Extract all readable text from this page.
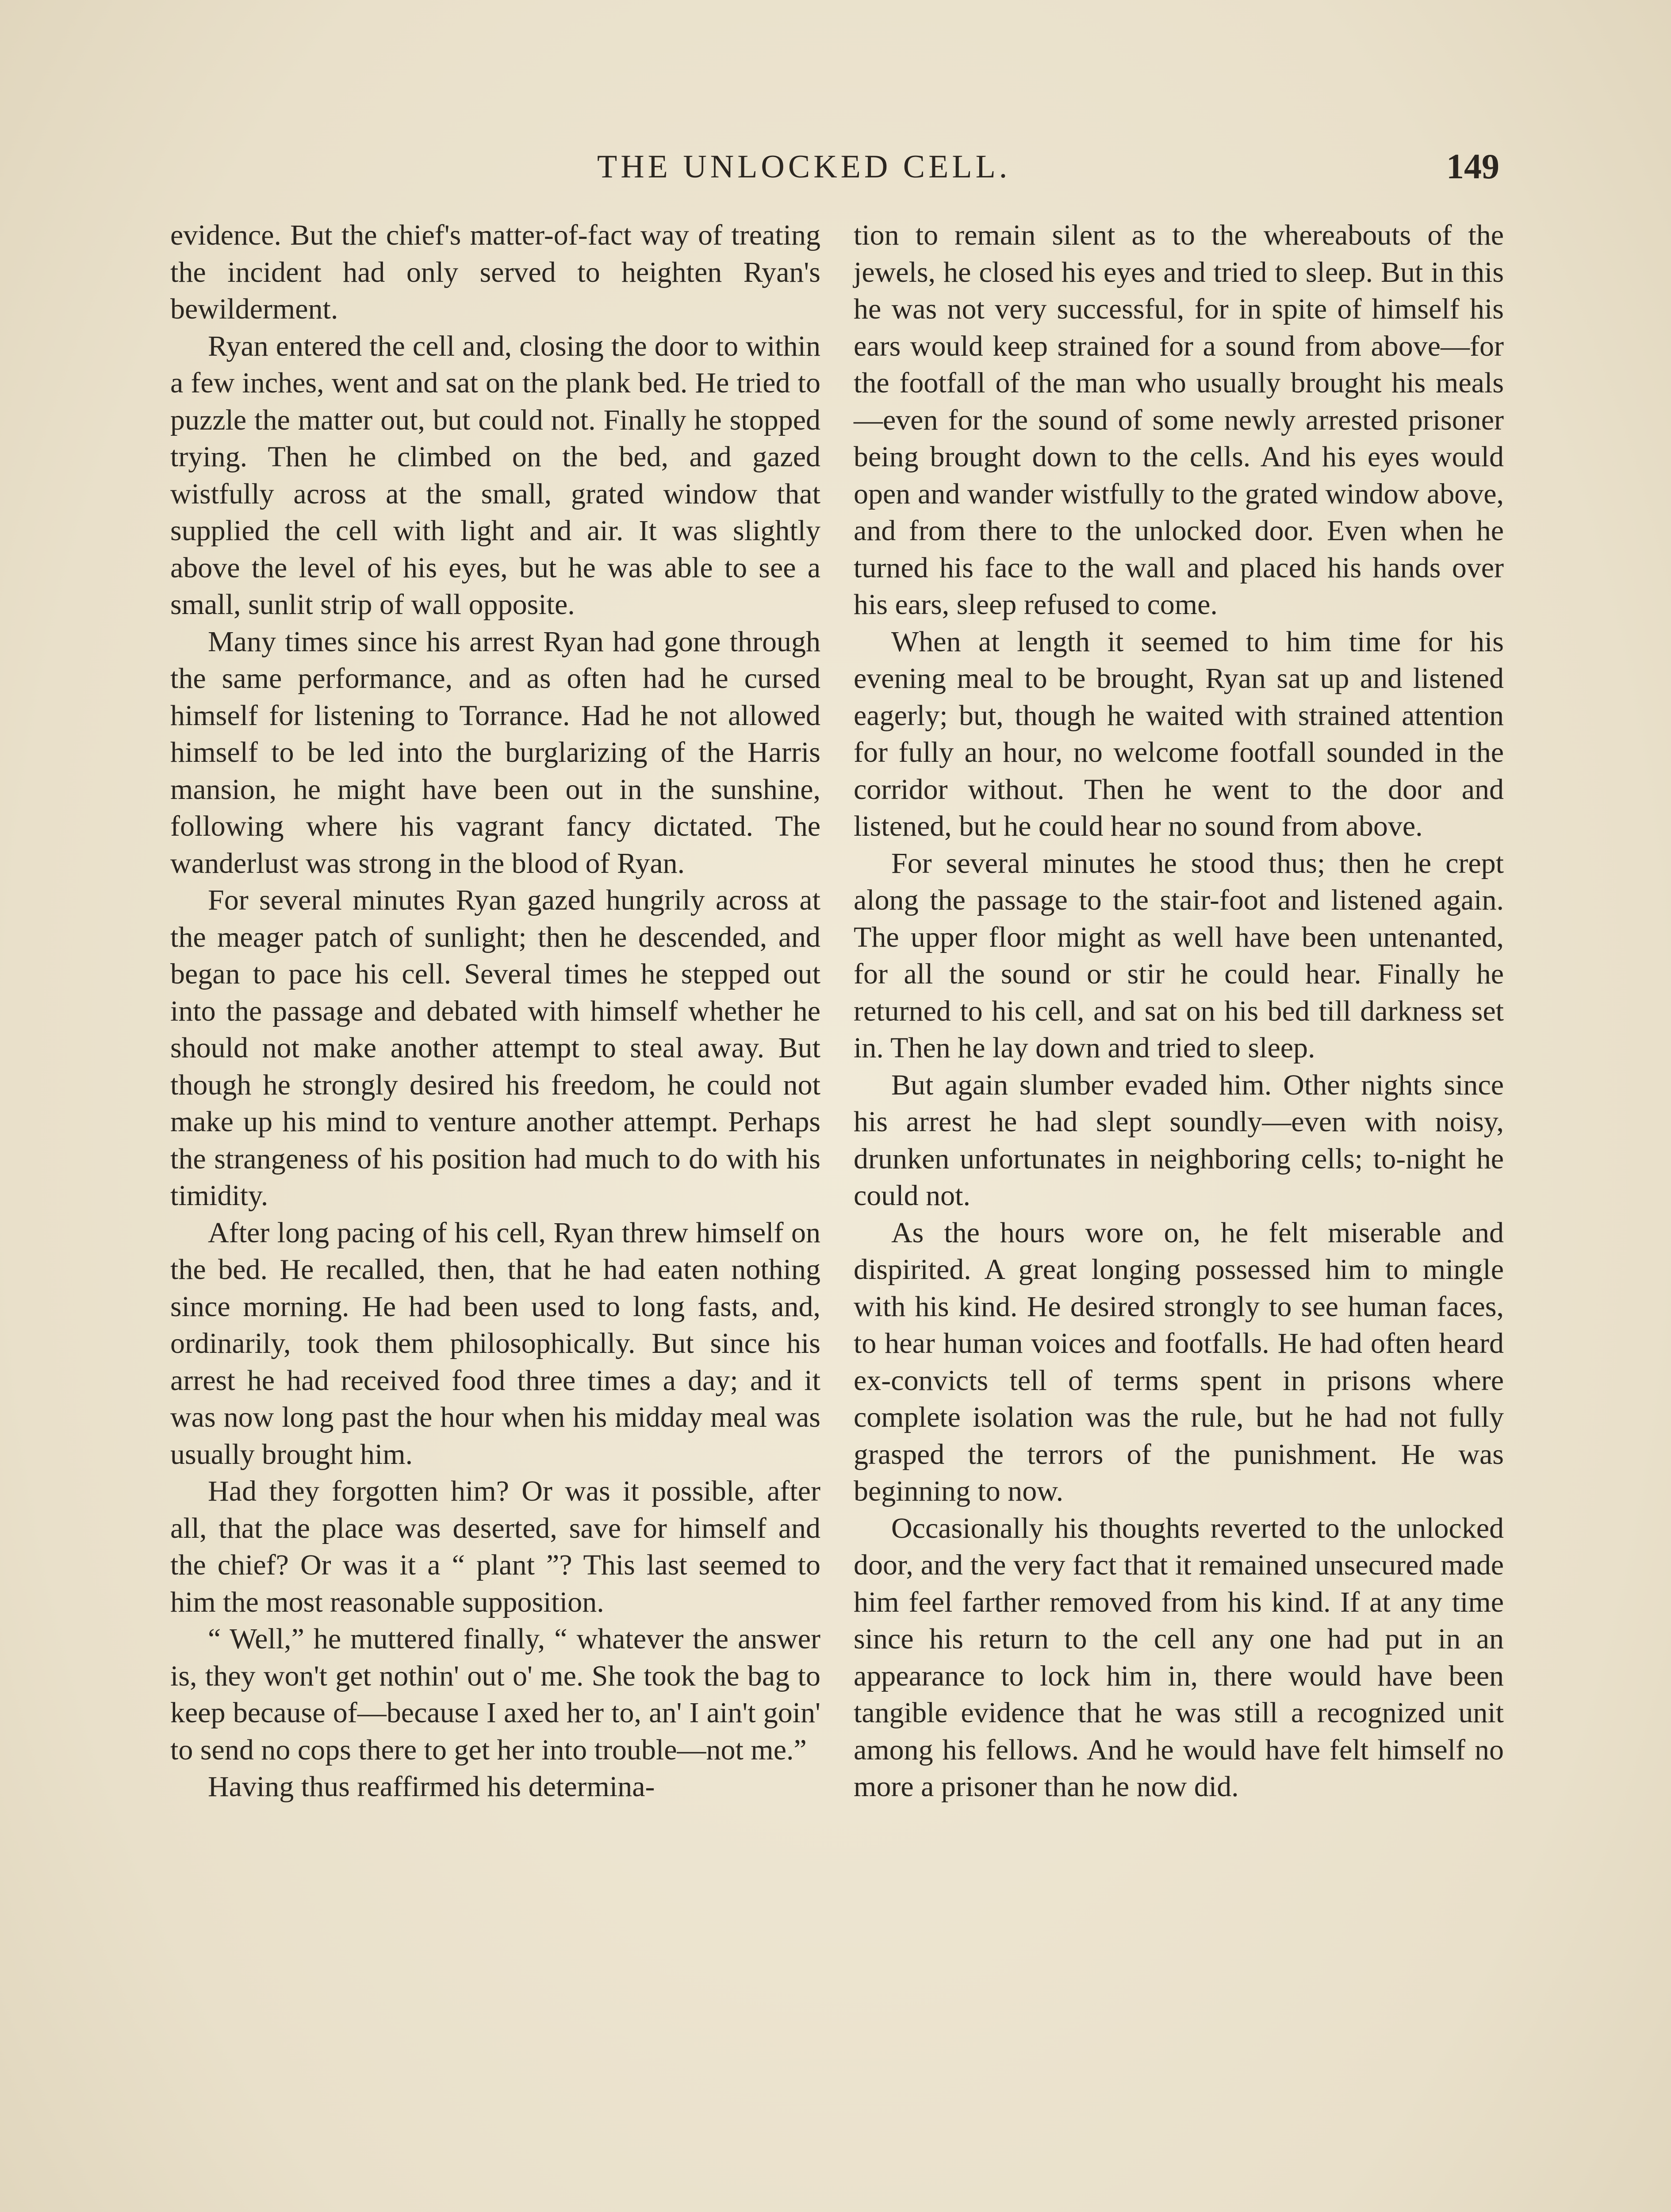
THE UNLOCKED CELL.	149

evidence. But the chief's matter-of-fact way of treating the incident had only served to heighten Ryan's bewilderment.

Ryan entered the cell and, closing the door to within a few inches, went and sat on the plank bed. He tried to puzzle the matter out, but could not. Finally he stopped trying. Then he climbed on the bed, and gazed wistfully across at the small, grated window that supplied the cell with light and air. It was slightly above the level of his eyes, but he was able to see a small, sunlit strip of wall opposite.

Many times since his arrest Ryan had gone through the same performance, and as often had he cursed himself for listening to Torrance. Had he not allowed himself to be led into the burglarizing of the Harris mansion, he might have been out in the sunshine, following where his vagrant fancy dictated. The wanderlust was strong in the blood of Ryan.

For several minutes Ryan gazed hungrily across at the meager patch of sunlight; then he descended, and began to pace his cell. Several times he stepped out into the passage and debated with himself whether he should not make another attempt to steal away. But though he strongly desired his freedom, he could not make up his mind to venture another attempt. Perhaps the strangeness of his position had much to do with his timidity.

After long pacing of his cell, Ryan threw himself on the bed. He recalled, then, that he had eaten nothing since morning. He had been used to long fasts, and, ordinarily, took them philosophically. But since his arrest he had received food three times a day; and it was now long past the hour when his midday meal was usually brought him.

Had they forgotten him? Or was it possible, after all, that the place was deserted, save for himself and the chief? Or was it a “ plant ”? This last seemed to him the most reasonable supposition.

“ Well,” he muttered finally, “ whatever the answer is, they won't get nothin' out o' me. She took the bag to keep because of—because I axed her to, an' I ain't goin' to send no cops there to get her into trouble—not me.”

Having thus reaffirmed his determina-

tion to remain silent as to the whereabouts of the jewels, he closed his eyes and tried to sleep. But in this he was not very successful, for in spite of himself his ears would keep strained for a sound from above—for the footfall of the man who usually brought his meals —even for the sound of some newly arrested prisoner being brought down to the cells. And his eyes would open and wander wistfully to the grated window above, and from there to the unlocked door. Even when he turned his face to the wall and placed his hands over his ears, sleep refused to come.

When at length it seemed to him time for his evening meal to be brought, Ryan sat up and listened eagerly; but, though he waited with strained attention for fully an hour, no welcome footfall sounded in the corridor without. Then he went to the door and listened, but he could hear no sound from above.

For several minutes he stood thus; then he crept along the passage to the stair-foot and listened again. The upper floor might as well have been untenanted, for all the sound or stir he could hear. Finally he returned to his cell, and sat on his bed till darkness set in. Then he lay down and tried to sleep.

But again slumber evaded him. Other nights since his arrest he had slept soundly—even with noisy, drunken unfortunates in neighboring cells; to-night he could not.

As the hours wore on, he felt miserable and dispirited. A great longing possessed him to mingle with his kind. He desired strongly to see human faces, to hear human voices and footfalls. He had often heard ex-convicts tell of terms spent in prisons where complete isolation was the rule, but he had not fully grasped the terrors of the punishment. He was beginning to now.

Occasionally his thoughts reverted to the unlocked door, and the very fact that it remained unsecured made him feel farther removed from his kind. If at any time since his return to the cell any one had put in an appearance to lock him in, there would have been tangible evidence that he was still a recognized unit among his fellows. And he would have felt himself no more a prisoner than he now did.
